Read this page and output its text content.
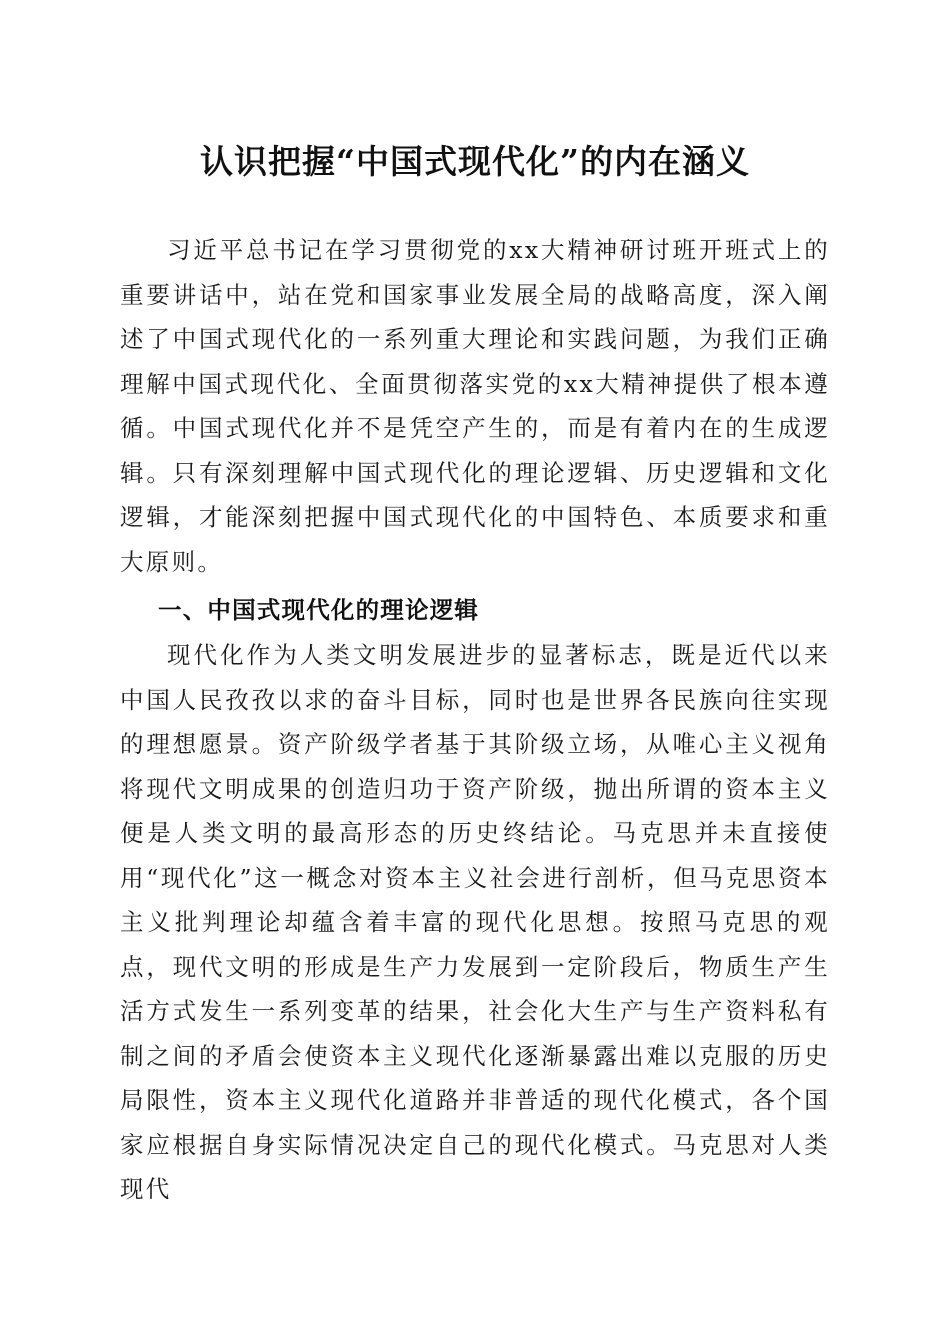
认识把握“中国式现代化”的内在涵义

习近平总书记在学习贯彻党的xx大精神研讨班开班式上的重要讲话中，站在党和国家事业发展全局的战略高度，深入阐述了中国式现代化的一系列重大理论和实践问题，为我们正确理解中国式现代化、全面贯彻落实党的xx大精神提供了根本遵循。中国式现代化并不是凭空产生的，而是有着内在的生成逻辑。只有深刻理解中国式现代化的理论逻辑、历史逻辑和文化逻辑，才能深刻把握中国式现代化的中国特色、本质要求和重大原则。

一、中国式现代化的理论逻辑

现代化作为人类文明发展进步的显著标志，既是近代以来中国人民孜孜以求的奋斗目标，同时也是世界各民族向往实现的理想愿景。资产阶级学者基于其阶级立场，从唯心主义视角将现代文明成果的创造归功于资产阶级，抛出所谓的资本主义便是人类文明的最高形态的历史终结论。马克思并未直接使用“现代化”这一概念对资本主义社会进行剖析，但马克思资本主义批判理论却蕴含着丰富的现代化思想。按照马克思的观点，现代文明的形成是生产力发展到一定阶段后，物质生产生活方式发生一系列变革的结果，社会化大生产与生产资料私有制之间的矛盾会使资本主义现代化逐渐暴露出难以克服的历史局限性，资本主义现代化道路并非普适的现代化模式，各个国家应根据自身实际情况决定自己的现代化模式。马克思对人类现代
